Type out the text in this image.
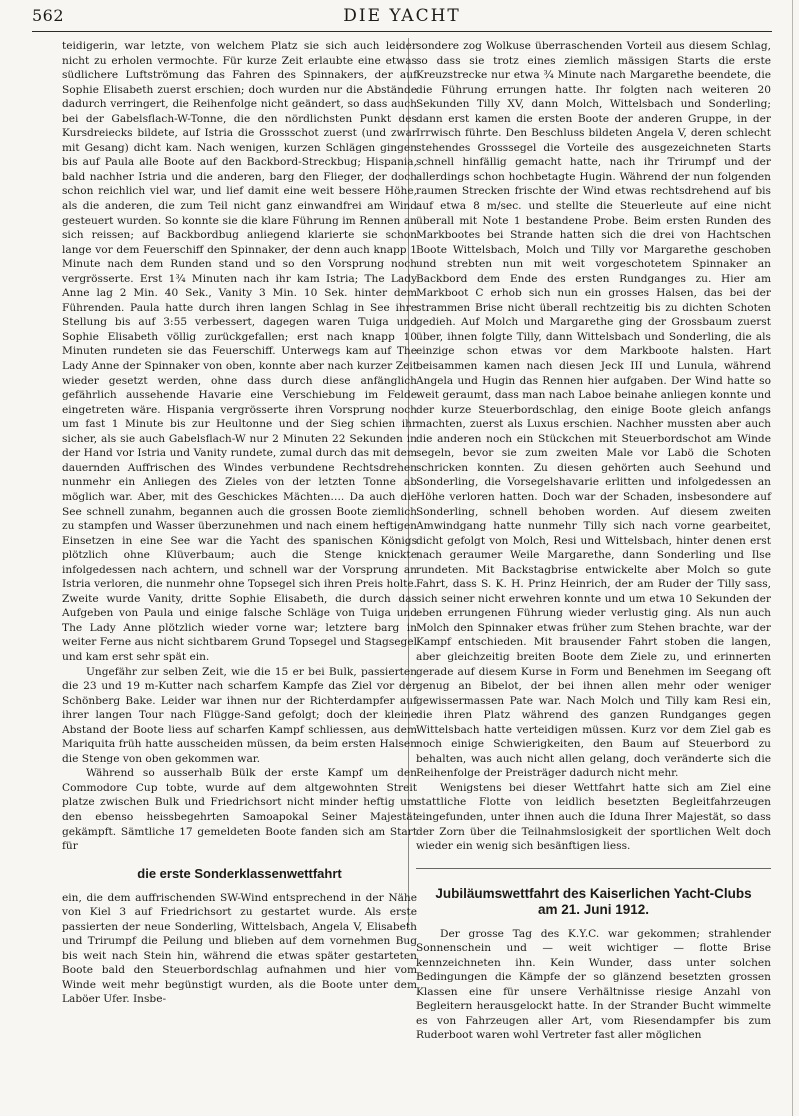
562	DIE YACHT

teidigerin, war letzte, von welchem Platz sie sich auch leider nicht zu erholen vermochte. Für kurze Zeit erlaubte eine etwas südlichere Luftströmung das Fahren des Spinnakers, der auf Sophie Elisabeth zuerst erschien; doch wurden nur die Abstände dadurch verringert, die Reihenfolge nicht geändert, so dass auch bei der Gabelsflach-W-Tonne, die den nördlichsten Punkt des Kursdreiecks bildete, auf Istria die Grossschot zuerst (und zwar mit Gesang) dicht kam. Nach wenigen, kurzen Schlägen gingen bis auf Paula alle Boote auf den Backbord-Streckbug; Hispania, bald nachher Istria und die anderen, barg den Flieger, der doch schon reichlich viel war, und lief damit eine weit bessere Höhe, als die anderen, die zum Teil nicht ganz einwandfrei am Wind gesteuert wurden. So konnte sie die klare Führung im Rennen an sich reissen; auf Backbordbug anliegend klarierte sie schon lange vor dem Feuerschiff den Spinnaker, der denn auch knapp 1 Minute nach dem Runden stand und so den Vorsprung noch vergrösserte. Erst 1¾ Minuten nach ihr kam Istria; The Lady Anne lag 2 Min. 40 Sek., Vanity 3 Min. 10 Sek. hinter dem Führenden. Paula hatte durch ihren langen Schlag in See ihre Stellung bis auf 3:55 verbessert, dagegen waren Tuiga und Sophie Elisabeth völlig zurückgefallen; erst nach knapp 10 Minuten rundeten sie das Feuerschiff. Unterwegs kam auf The Lady Anne der Spinnaker von oben, konnte aber nach kurzer Zeit wieder gesetzt werden, ohne dass durch diese anfänglich gefährlich aussehende Havarie eine Verschiebung im Felde eingetreten wäre. Hispania vergrösserte ihren Vorsprung noch um fast 1 Minute bis zur Heultonne und der Sieg schien ihr sicher, als sie auch Gabelsflach-W nur 2 Minuten 22 Sekunden in der Hand vor Istria und Vanity rundete, zumal durch das mit dem dauernden Auffrischen des Windes verbundene Rechtsdrehen nunmehr ein Anliegen des Zieles von der letzten Tonne ab möglich war. Aber, mit des Geschickes Mächten…. Da auch die See schnell zunahm, begannen auch die grossen Boote ziemlich zu stampfen und Wasser überzunehmen und nach einem heftigen Einsetzen in eine See war die Yacht des spanischen Königs plötzlich ohne Klüverbaum; auch die Stenge knickte infolgedessen nach achtern, und schnell war der Vorsprung an Istria verloren, die nunmehr ohne Topsegel sich ihren Preis holte. Zweite wurde Vanity, dritte Sophie Elisabeth, die durch das Aufgeben von Paula und einige falsche Schläge von Tuiga und The Lady Anne plötzlich wieder vorne war; letztere barg in weiter Ferne aus nicht sichtbarem Grund Topsegel und Stagsegel und kam erst sehr spät ein.

Ungefähr zur selben Zeit, wie die 15 er bei Bulk, passierten die 23 und 19 m-Kutter nach scharfem Kampfe das Ziel vor der Schönberg Bake. Leider war ihnen nur der Richterdampfer auf ihrer langen Tour nach Flügge-Sand gefolgt; doch der kleine Abstand der Boote liess auf scharfen Kampf schliessen, aus dem Mariquita früh hatte ausscheiden müssen, da beim ersten Halsen die Stenge von oben gekommen war.

Während so ausserhalb Bülk der erste Kampf um den Commodore Cup tobte, wurde auf dem altgewohnten Streit platze zwischen Bulk und Friedrichsort nicht minder heftig um den ebenso heissbegehrten Samoapokal Seiner Majestät gekämpft. Sämtliche 17 gemeldeten Boote fanden sich am Start für

die erste Sonderklassenwettfahrt

ein, die dem auffrischenden SW-Wind entsprechend in der Nähe von Kiel 3 auf Friedrichsort zu gestartet wurde. Als erste passierten der neue Sonderling, Wittelsbach, Angela V, Elisabeth und Trirumpf die Peilung und blieben auf dem vornehmen Bug bis weit nach Stein hin, während die etwas später gestarteten Boote bald den Steuerbordschlag aufnahmen und hier vom Winde weit mehr begünstigt wurden, als die Boote unter dem Laböer Ufer. Insbe-

sondere zog Wolkuse überraschenden Vorteil aus diesem Schlag, so dass sie trotz eines ziemlich mässigen Starts die erste Kreuzstrecke nur etwa ¾ Minute nach Margarethe beendete, die die Führung errungen hatte. Ihr folgten nach weiteren 20 Sekunden Tilly XV, dann Molch, Wittelsbach und Sonderling; dann erst kamen die ersten Boote der anderen Gruppe, in der Irrwisch führte. Den Beschluss bildeten Angela V, deren schlecht stehendes Grosssegel die Vorteile des ausgezeichneten Starts schnell hinfällig gemacht hatte, nach ihr Trirumpf und der allerdings schon hochbetagte Hugin. Während der nun folgenden raumen Strecken frischte der Wind etwas rechtsdrehend auf bis auf etwa 8 m/sec. und stellte die Steuerleute auf eine nicht überall mit Note 1 bestandene Probe. Beim ersten Runden des Markbootes bei Strande hatten sich die drei von Hachtschen Boote Wittelsbach, Molch und Tilly vor Margarethe geschoben und strebten nun mit weit vorgeschotetem Spinnaker an Backbord dem Ende des ersten Rundganges zu. Hier am Markboot C erhob sich nun ein grosses Halsen, das bei der strammen Brise nicht überall rechtzeitig bis zu dichten Schoten gedieh. Auf Molch und Margarethe ging der Grossbaum zuerst über, ihnen folgte Tilly, dann Wittelsbach und Sonderling, die als einzige schon etwas vor dem Markboote halsten. Hart beisammen kamen nach diesen Jeck III und Lunula, während Angela und Hugin das Rennen hier aufgaben. Der Wind hatte so weit geraumt, dass man nach Laboe beinahe anliegen konnte und der kurze Steuerbordschlag, den einige Boote gleich anfangs machten, zuerst als Luxus erschien. Nachher mussten aber auch die anderen noch ein Stückchen mit Steuerbordschot am Winde segeln, bevor sie zum zweiten Male vor Labö die Schoten schricken konnten. Zu diesen gehörten auch Seehund und Sonderling, die Vorsegelshavarie erlitten und infolgedessen an Höhe verloren hatten. Doch war der Schaden, insbesondere auf Sonderling, schnell behoben worden. Auf diesem zweiten Amwindgang hatte nunmehr Tilly sich nach vorne gearbeitet, dicht gefolgt von Molch, Resi und Wittelsbach, hinter denen erst nach geraumer Weile Margarethe, dann Sonderling und Ilse rundeten. Mit Backstagbrise entwickelte aber Molch so gute Fahrt, dass S. K. H. Prinz Heinrich, der am Ruder der Tilly sass, sich seiner nicht erwehren konnte und um etwa 10 Sekunden der eben errungenen Führung wieder verlustig ging. Als nun auch Molch den Spinnaker etwas früher zum Stehen brachte, war der Kampf entschieden. Mit brausender Fahrt stoben die langen, aber gleichzeitig breiten Boote dem Ziele zu, und erinnerten gerade auf diesem Kurse in Form und Benehmen im Seegang oft genug an Bibelot, der bei ihnen allen mehr oder weniger gewissermassen Pate war. Nach Molch und Tilly kam Resi ein, die ihren Platz während des ganzen Rundganges gegen Wittelsbach hatte verteidigen müssen. Kurz vor dem Ziel gab es noch einige Schwierigkeiten, den Baum auf Steuerbord zu behalten, was auch nicht allen gelang, doch veränderte sich die Reihenfolge der Preisträger dadurch nicht mehr.

Wenigstens bei dieser Wettfahrt hatte sich am Ziel eine stattliche Flotte von leidlich besetzten Begleitfahrzeugen eingefunden, unter ihnen auch die Iduna Ihrer Majestät, so dass der Zorn über die Teilnahmslosigkeit der sportlichen Welt doch wieder ein wenig sich besänftigen liess.

Jubiläumswettfahrt des Kaiserlichen Yacht-Clubs
am 21. Juni 1912.

Der grosse Tag des K.Y.C. war gekommen; strahlender Sonnenschein und — weit wichtiger — flotte Brise kennzeichneten ihn. Kein Wunder, dass unter solchen Bedingungen die Kämpfe der so glänzend besetzten grossen Klassen eine für unsere Verhältnisse riesige Anzahl von Begleitern herausgelockt hatte. In der Strander Bucht wimmelte es von Fahrzeugen aller Art, vom Riesendampfer bis zum Ruderboot waren wohl Vertreter fast aller möglichen
